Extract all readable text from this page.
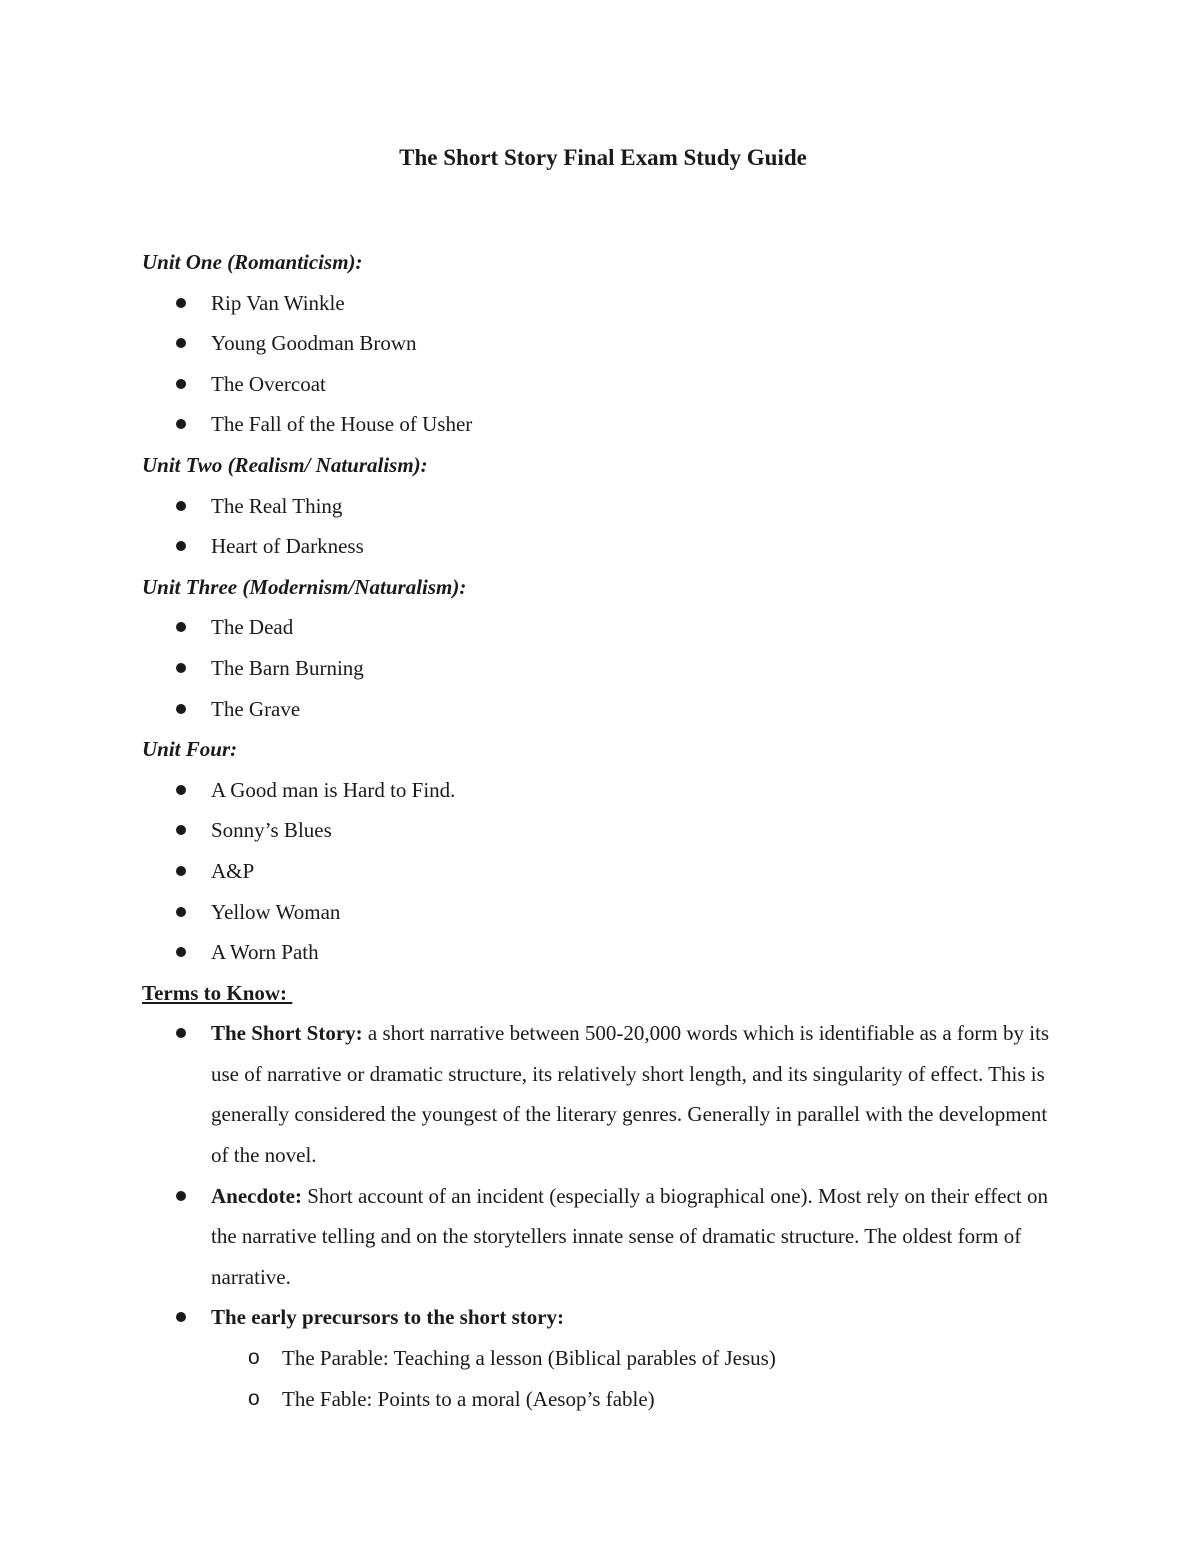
The Short Story Final Exam Study Guide
Unit One (Romanticism):
Rip Van Winkle
Young Goodman Brown
The Overcoat
The Fall of the House of Usher
Unit Two (Realism/ Naturalism):
The Real Thing
Heart of Darkness
Unit Three (Modernism/Naturalism):
The Dead
The Barn Burning
The Grave
Unit Four:
A Good man is Hard to Find.
Sonny’s Blues
A&P
Yellow Woman
A Worn Path
Terms to Know:
The Short Story: a short narrative between 500-20,000 words which is identifiable as a form by its use of narrative or dramatic structure, its relatively short length, and its singularity of effect. This is generally considered the youngest of the literary genres. Generally in parallel with the development of the novel.
Anecdote: Short account of an incident (especially a biographical one). Most rely on their effect on the narrative telling and on the storytellers innate sense of dramatic structure. The oldest form of narrative.
The early precursors to the short story:
o The Parable: Teaching a lesson (Biblical parables of Jesus)
o The Fable: Points to a moral (Aesop’s fable)
